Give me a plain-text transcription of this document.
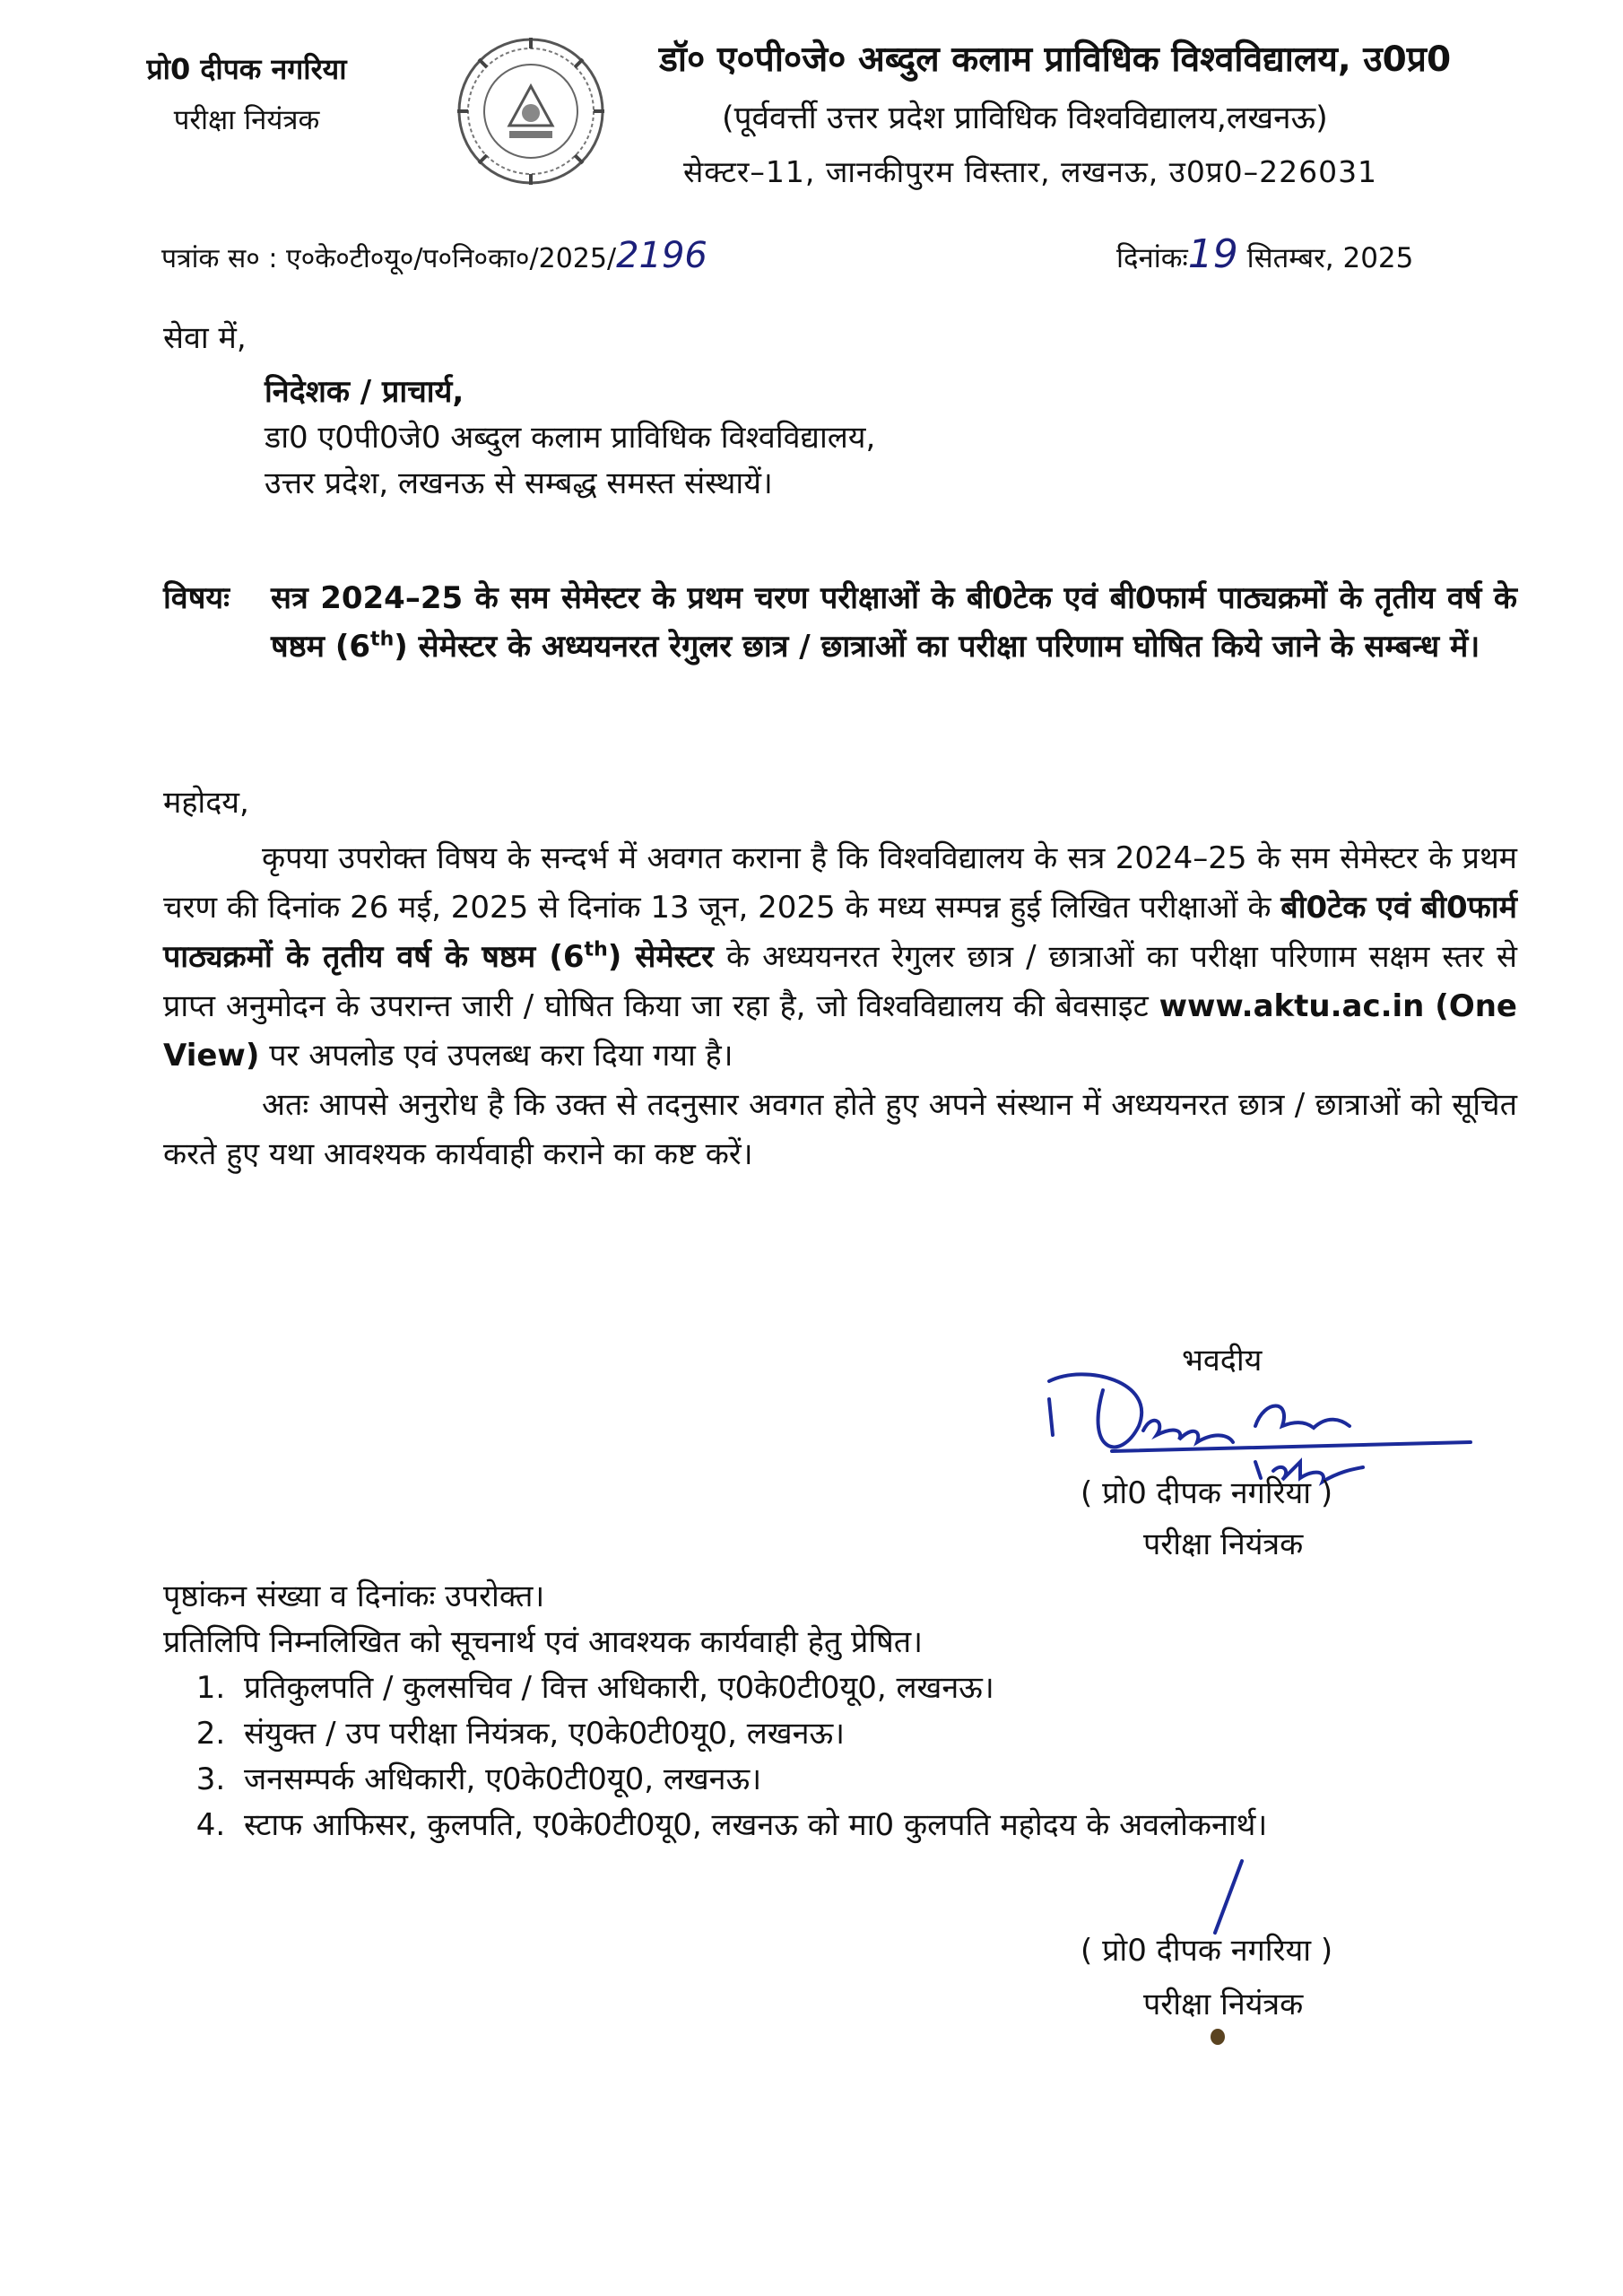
प्रो0 दीपक नगरिया
परीक्षा नियंत्रक
डॉ० ए०पी०जे० अब्दुल कलाम प्राविधिक विश्वविद्यालय, उ0प्र0
(पूर्ववर्त्ती उत्तर प्रदेश प्राविधिक विश्वविद्यालय,लखनऊ)
सेक्टर–11, जानकीपुरम विस्तार, लखनऊ, उ0प्र0–226031
पत्रांक स० : ए०के०टी०यू०/प०नि०का०/2025/2196	दिनांकः19 सितम्बर, 2025
सेवा में,
निदेशक / प्राचार्य,
डा0 ए0पी0जे0 अब्दुल कलाम प्राविधिक विश्वविद्यालय,
उत्तर प्रदेश, लखनऊ से सम्बद्ध समस्त संस्थायें।
विषयः	सत्र 2024–25 के सम सेमेस्टर के प्रथम चरण परीक्षाओं के बी0टेक एवं बी0फार्म पाठ्यक्रमों के तृतीय वर्ष के षष्ठम (6th) सेमेस्टर के अध्ययनरत रेगुलर छात्र / छात्राओं का परीक्षा परिणाम घोषित किये जाने के सम्बन्ध में।
महोदय,

कृपया उपरोक्त विषय के सन्दर्भ में अवगत कराना है कि विश्वविद्यालय के सत्र 2024–25 के सम सेमेस्टर के प्रथम चरण की दिनांक 26 मई, 2025 से दिनांक 13 जून, 2025 के मध्य सम्पन्न हुई लिखित परीक्षाओं के बी0टेक एवं बी0फार्म पाठ्यक्रमों के तृतीय वर्ष के षष्ठम (6th) सेमेस्टर के अध्ययनरत रेगुलर छात्र / छात्राओं का परीक्षा परिणाम सक्षम स्तर से प्राप्त अनुमोदन के उपरान्त जारी / घोषित किया जा रहा है, जो विश्वविद्यालय की बेवसाइट www.aktu.ac.in (One View) पर अपलोड एवं उपलब्ध करा दिया गया है।

अतः आपसे अनुरोध है कि उक्त से तदनुसार अवगत होते हुए अपने संस्थान में अध्ययनरत छात्र / छात्राओं को सूचित करते हुए यथा आवश्यक कार्यवाही कराने का कष्ट करें।

भवदीय
( प्रो0 दीपक नगरिया )
परीक्षा नियंत्रक
पृष्ठांकन संख्या व दिनांकः उपरोक्त।
प्रतिलिपि निम्नलिखित को सूचनार्थ एवं आवश्यक कार्यवाही हेतु प्रेषित।
1. प्रतिकुलपति / कुलसचिव / वित्त अधिकारी, ए0के0टी0यू0, लखनऊ।
2. संयुक्त / उप परीक्षा नियंत्रक, ए0के0टी0यू0, लखनऊ।
3. जनसम्पर्क अधिकारी, ए0के0टी0यू0, लखनऊ।
4. स्टाफ आफिसर, कुलपति, ए0के0टी0यू0, लखनऊ को मा0 कुलपति महोदय के अवलोकनार्थ।
( प्रो0 दीपक नगरिया )
परीक्षा नियंत्रक
